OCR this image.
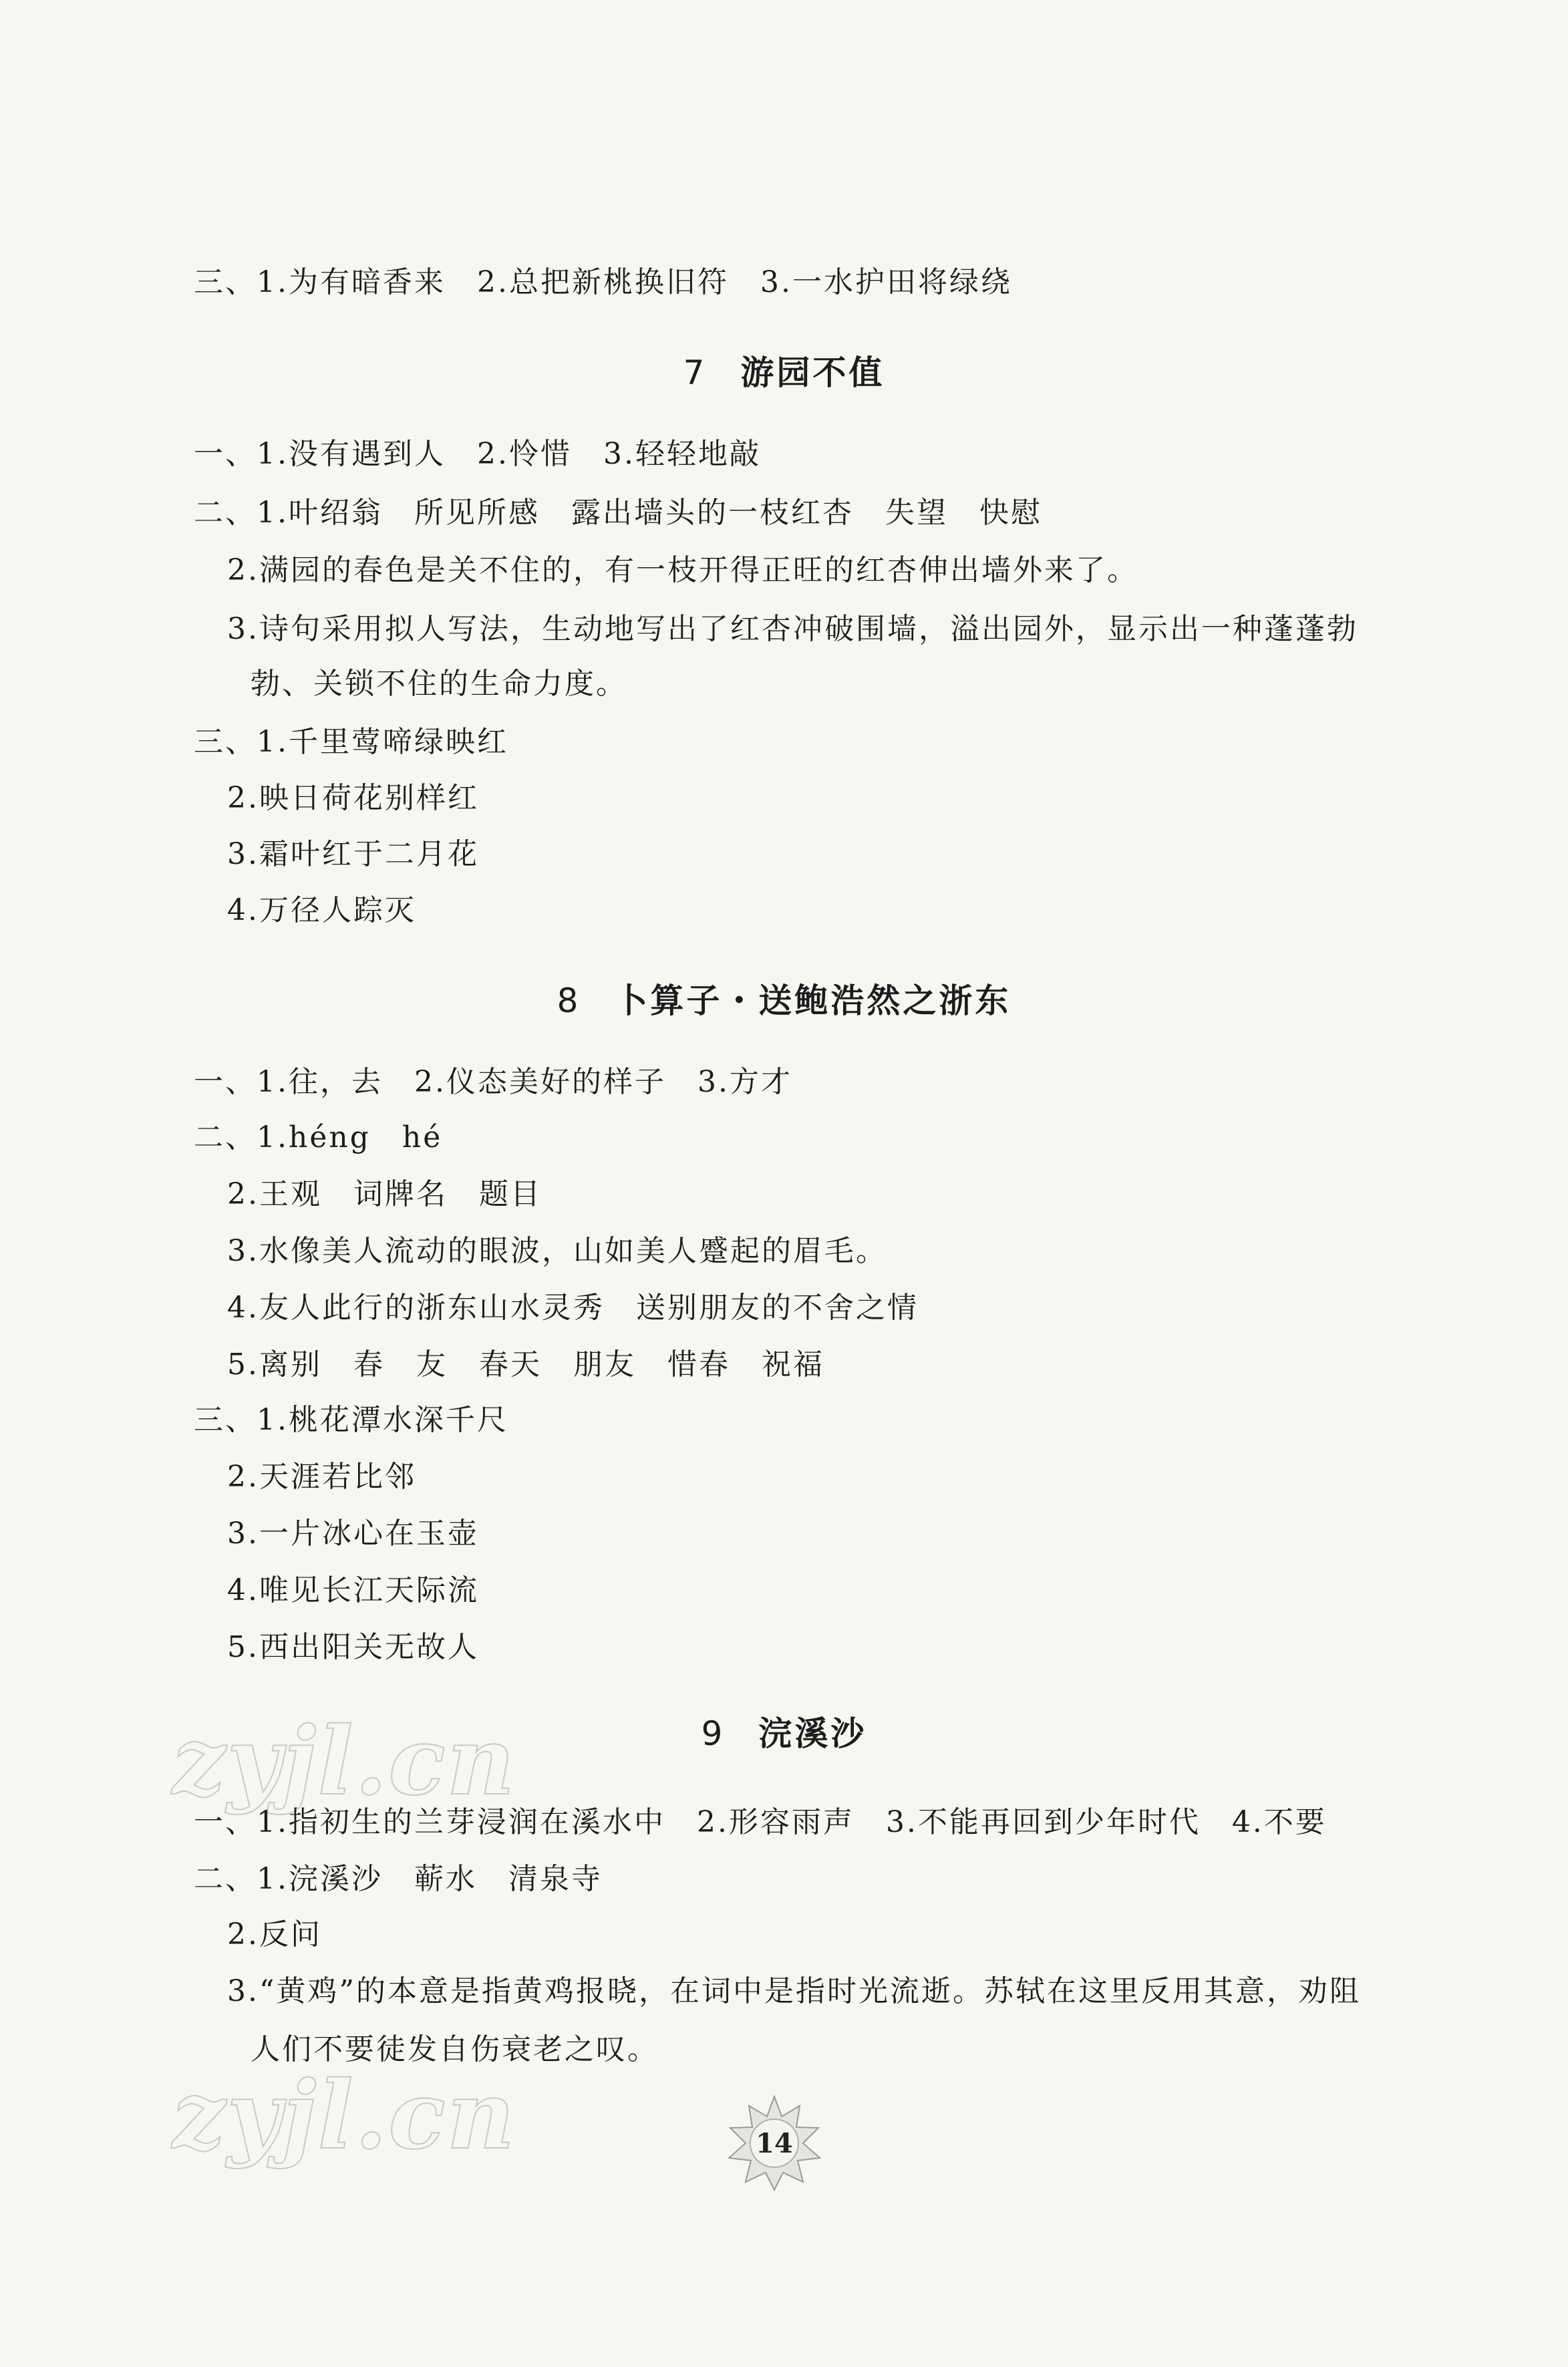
三、1.为有暗香来　2.总把新桃换旧符　3.一水护田将绿绕
7 游园不值
一、1.没有遇到人　2.怜惜　3.轻轻地敲
二、1.叶绍翁　所见所感　露出墙头的一枝红杏　失望　快慰
2.满园的春色是关不住的，有一枝开得正旺的红杏伸出墙外来了。
3.诗句采用拟人写法，生动地写出了红杏冲破围墙，溢出园外，显示出一种蓬蓬勃
勃、关锁不住的生命力度。
三、1.千里莺啼绿映红
2.映日荷花别样红
3.霜叶红于二月花
4.万径人踪灭
8 卜算子・送鲍浩然之浙东
一、1.往，去　2.仪态美好的样子　3.方才
二、1.héng　hé
2.王观　词牌名　题目
3.水像美人流动的眼波，山如美人蹙起的眉毛。
4.友人此行的浙东山水灵秀　送别朋友的不舍之情
5.离别　春　友　春天　朋友　惜春　祝福
三、1.桃花潭水深千尺
2.天涯若比邻
3.一片冰心在玉壶
4.唯见长江天际流
5.西出阳关无故人
zyjl.cn	9 浣溪沙
一、1.指初生的兰芽浸润在溪水中　2.形容雨声　3.不能再回到少年时代　4.不要
二、1.浣溪沙　蕲水　清泉寺
2.反问
3.“黄鸡”的本意是指黄鸡报晓，在词中是指时光流逝。苏轼在这里反用其意，劝阻
人们不要徒发自伤衰老之叹。
zyjl.cn	14
